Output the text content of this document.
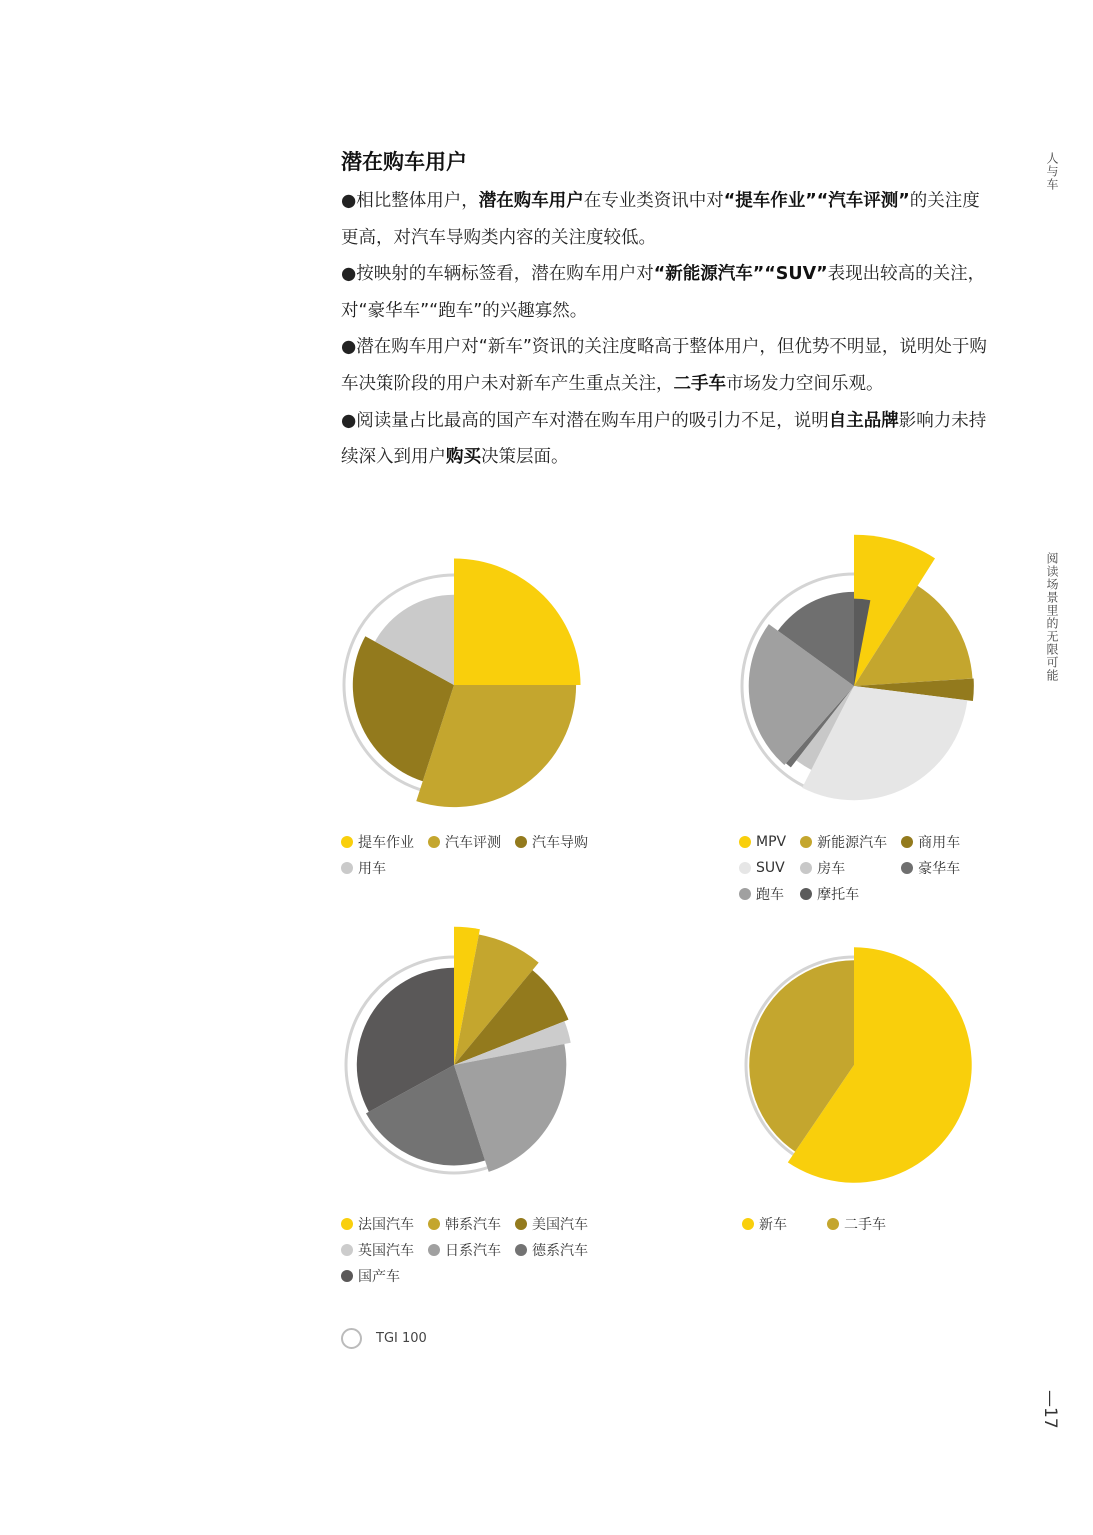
潜在购车用户

●相比整体用户，潜在购车用户在专业类资讯中对“提车作业”“汽车评测”的关注度更高，对汽车导购类内容的关注度较低。

●按映射的车辆标签看，潜在购车用户对“新能源汽车”“SUV”表现出较高的关注，对“豪华车”“跑车”的兴趣寡然。

●潜在购车用户对“新车”资讯的关注度略高于整体用户，但优势不明显，说明处于购车决策阶段的用户未对新车产生重点关注，二手车市场发力空间乐观。

●阅读量占比最高的国产车对潜在购车用户的吸引力不足，说明自主品牌影响力未持续深入到用户购买决策层面。

人与车
阅读场景里的无限可能
—17
提车作业 汽车评测 汽车导购
用车
MPV 新能源汽车 商用车
SUV 房车	豪华车
跑车 摩托车
法国汽车 韩系汽车 美国汽车
英国汽车 日系汽车 德系汽车
国产车
新车	二手车
TGI 100
